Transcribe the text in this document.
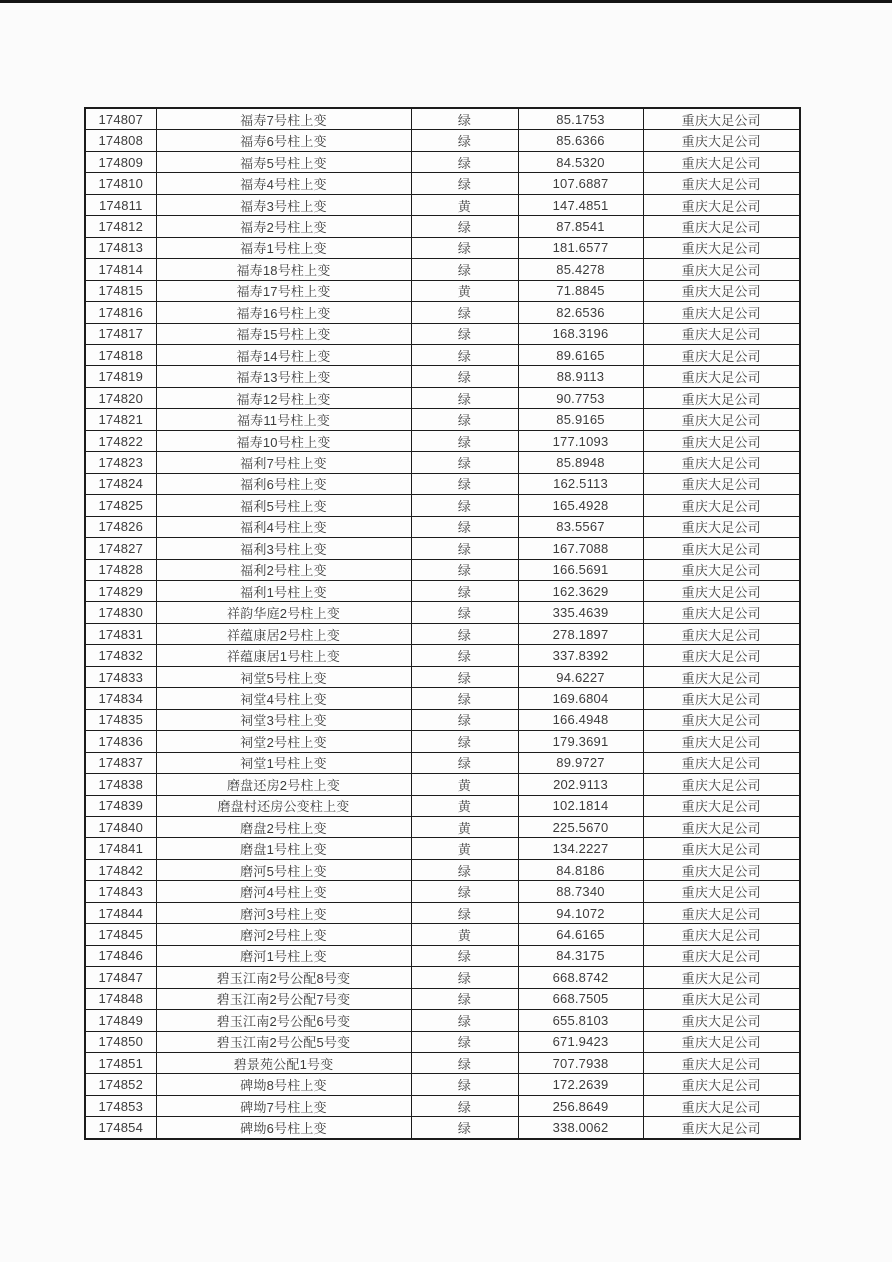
174807	福寿7号柱上变	绿	85.1753	重庆大足公司
174808	福寿6号柱上变	绿	85.6366	重庆大足公司
174809	福寿5号柱上变	绿	84.5320	重庆大足公司
174810	福寿4号柱上变	绿	107.6887	重庆大足公司
174811	福寿3号柱上变	黄	147.4851	重庆大足公司
174812	福寿2号柱上变	绿	87.8541	重庆大足公司
174813	福寿1号柱上变	绿	181.6577	重庆大足公司
174814	福寿18号柱上变	绿	85.4278	重庆大足公司
174815	福寿17号柱上变	黄	71.8845	重庆大足公司
174816	福寿16号柱上变	绿	82.6536	重庆大足公司
174817	福寿15号柱上变	绿	168.3196	重庆大足公司
174818	福寿14号柱上变	绿	89.6165	重庆大足公司
174819	福寿13号柱上变	绿	88.9113	重庆大足公司
174820	福寿12号柱上变	绿	90.7753	重庆大足公司
174821	福寿11号柱上变	绿	85.9165	重庆大足公司
174822	福寿10号柱上变	绿	177.1093	重庆大足公司
174823	福利7号柱上变	绿	85.8948	重庆大足公司
174824	福利6号柱上变	绿	162.5113	重庆大足公司
174825	福利5号柱上变	绿	165.4928	重庆大足公司
174826	福利4号柱上变	绿	83.5567	重庆大足公司
174827	福利3号柱上变	绿	167.7088	重庆大足公司
174828	福利2号柱上变	绿	166.5691	重庆大足公司
174829	福利1号柱上变	绿	162.3629	重庆大足公司
174830	祥韵华庭2号柱上变	绿	335.4639	重庆大足公司
174831	祥蕴康居2号柱上变	绿	278.1897	重庆大足公司
174832	祥蕴康居1号柱上变	绿	337.8392	重庆大足公司
174833	祠堂5号柱上变	绿	94.6227	重庆大足公司
174834	祠堂4号柱上变	绿	169.6804	重庆大足公司
174835	祠堂3号柱上变	绿	166.4948	重庆大足公司
174836	祠堂2号柱上变	绿	179.3691	重庆大足公司
174837	祠堂1号柱上变	绿	89.9727	重庆大足公司
174838	磨盘还房2号柱上变	黄	202.9113	重庆大足公司
174839	磨盘村还房公变柱上变	黄	102.1814	重庆大足公司
174840	磨盘2号柱上变	黄	225.5670	重庆大足公司
174841	磨盘1号柱上变	黄	134.2227	重庆大足公司
174842	磨河5号柱上变	绿	84.8186	重庆大足公司
174843	磨河4号柱上变	绿	88.7340	重庆大足公司
174844	磨河3号柱上变	绿	94.1072	重庆大足公司
174845	磨河2号柱上变	黄	64.6165	重庆大足公司
174846	磨河1号柱上变	绿	84.3175	重庆大足公司
174847	碧玉江南2号公配8号变	绿	668.8742	重庆大足公司
174848	碧玉江南2号公配7号变	绿	668.7505	重庆大足公司
174849	碧玉江南2号公配6号变	绿	655.8103	重庆大足公司
174850	碧玉江南2号公配5号变	绿	671.9423	重庆大足公司
174851	碧景苑公配1号变	绿	707.7938	重庆大足公司
174852	碑坳8号柱上变	绿	172.2639	重庆大足公司
174853	碑坳7号柱上变	绿	256.8649	重庆大足公司
174854	碑坳6号柱上变	绿	338.0062	重庆大足公司
